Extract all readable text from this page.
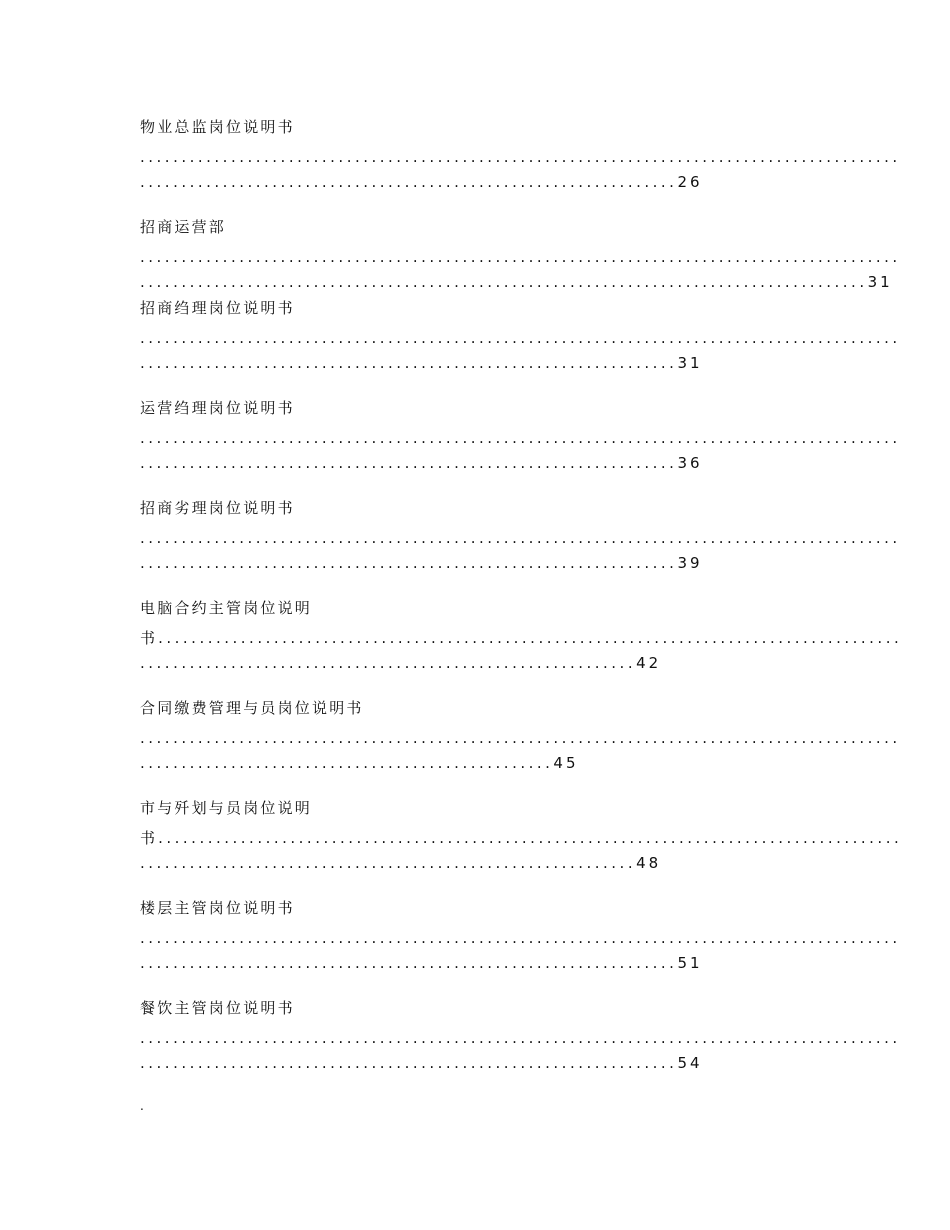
物业总监岗位说明书
............................................................................................
.................................................................26
招商运营部
............................................................................................
........................................................................................31
招商绉理岗位说明书
............................................................................................
.................................................................31
运营绉理岗位说明书
............................................................................................
.................................................................36
招商劣理岗位说明书
............................................................................................
.................................................................39
电脑合约主管岗位说明
书..........................................................................................
............................................................42
合同缴费管理与员岗位说明书
............................................................................................
..................................................45
市与歼划与员岗位说明
书..........................................................................................
............................................................48
楼层主管岗位说明书
............................................................................................
.................................................................51
餐饮主管岗位说明书
............................................................................................
.................................................................54
.
